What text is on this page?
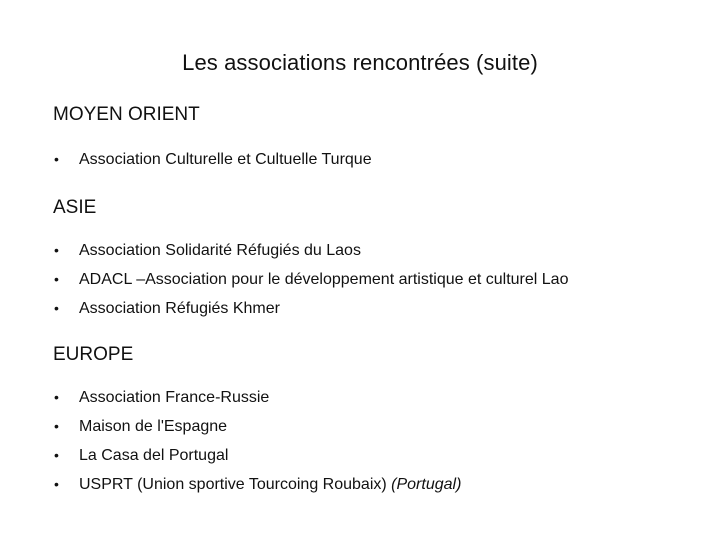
Les associations rencontrées (suite)
MOYEN ORIENT
• Association Culturelle et Cultuelle Turque
ASIE
• Association Solidarité Réfugiés du Laos
• ADACL –Association pour le développement artistique et culturel Lao
• Association Réfugiés Khmer
EUROPE
• Association France-Russie
• Maison de l'Espagne
• La Casa del Portugal
• USPRT (Union sportive Tourcoing Roubaix) (Portugal)
